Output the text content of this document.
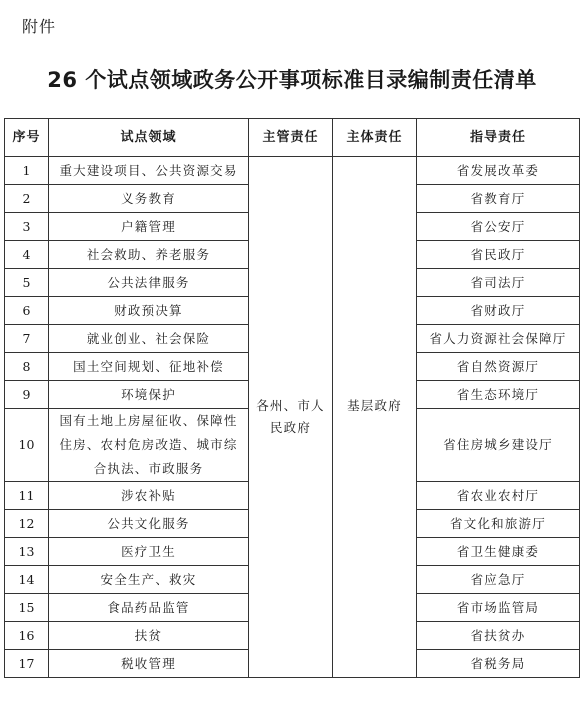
附件
26 个试点领域政务公开事项标准目录编制责任清单
序号	试点领域	主管责任	主体责任	指导责任
1	重大建设项目、公共资源交易	各州、市人民政府	基层政府	省发展改革委
2	义务教育			省教育厅
3	户籍管理			省公安厅
4	社会救助、养老服务			省民政厅
5	公共法律服务			省司法厅
6	财政预决算			省财政厅
7	就业创业、社会保险			省人力资源社会保障厅
8	国土空间规划、征地补偿			省自然资源厅
9	环境保护			省生态环境厅
10	国有土地上房屋征收、保障性住房、农村危房改造、城市综合执法、市政服务			省住房城乡建设厅
11	涉农补贴			省农业农村厅
12	公共文化服务			省文化和旅游厅
13	医疗卫生			省卫生健康委
14	安全生产、救灾			省应急厅
15	食品药品监管			省市场监管局
16	扶贫			省扶贫办
17	税收管理			省税务局
